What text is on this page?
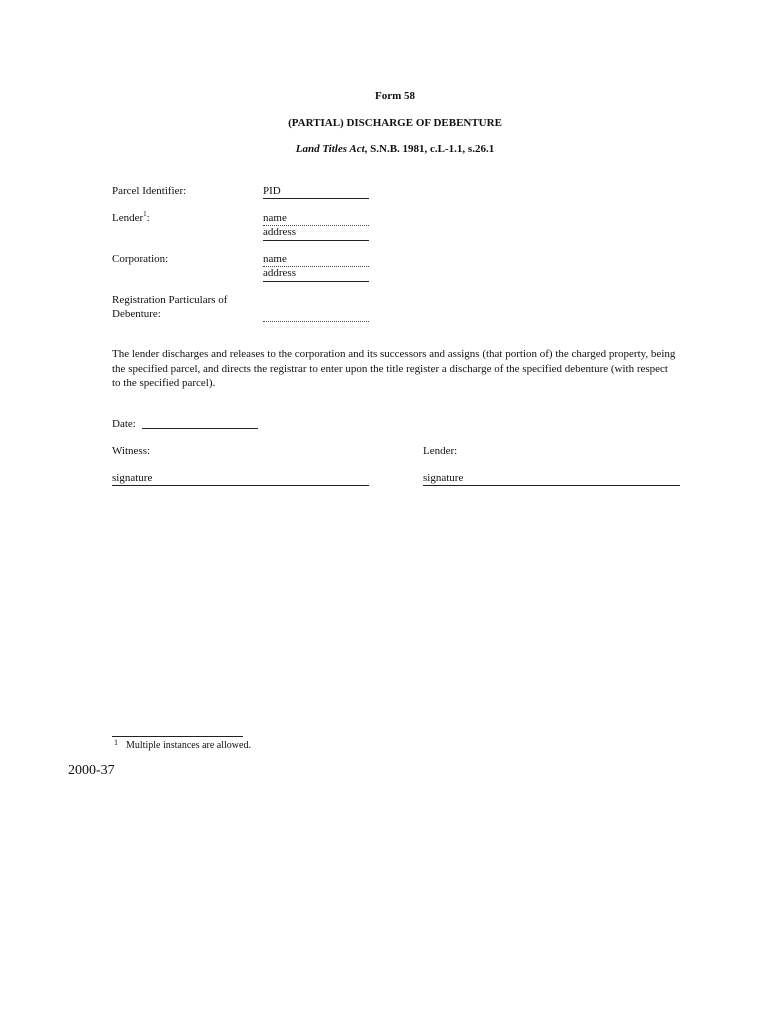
Form 58
(PARTIAL) DISCHARGE OF DEBENTURE
Land Titles Act, S.N.B. 1981, c.L-1.1, s.26.1
Parcel Identifier:	PID
Lender$^1$:	name
address
Corporation:	name
address
Registration Particulars of
Debenture:
The lender discharges and releases to the corporation and its successors and assigns (that portion of) the charged property, being
the specified parcel, and directs the registrar to enter upon the title register a discharge of the specified debenture (with respect
to the specified parcel).
Date:
Witness:	Lender:
signature	signature
1 Multiple instances are allowed.
2000-37
